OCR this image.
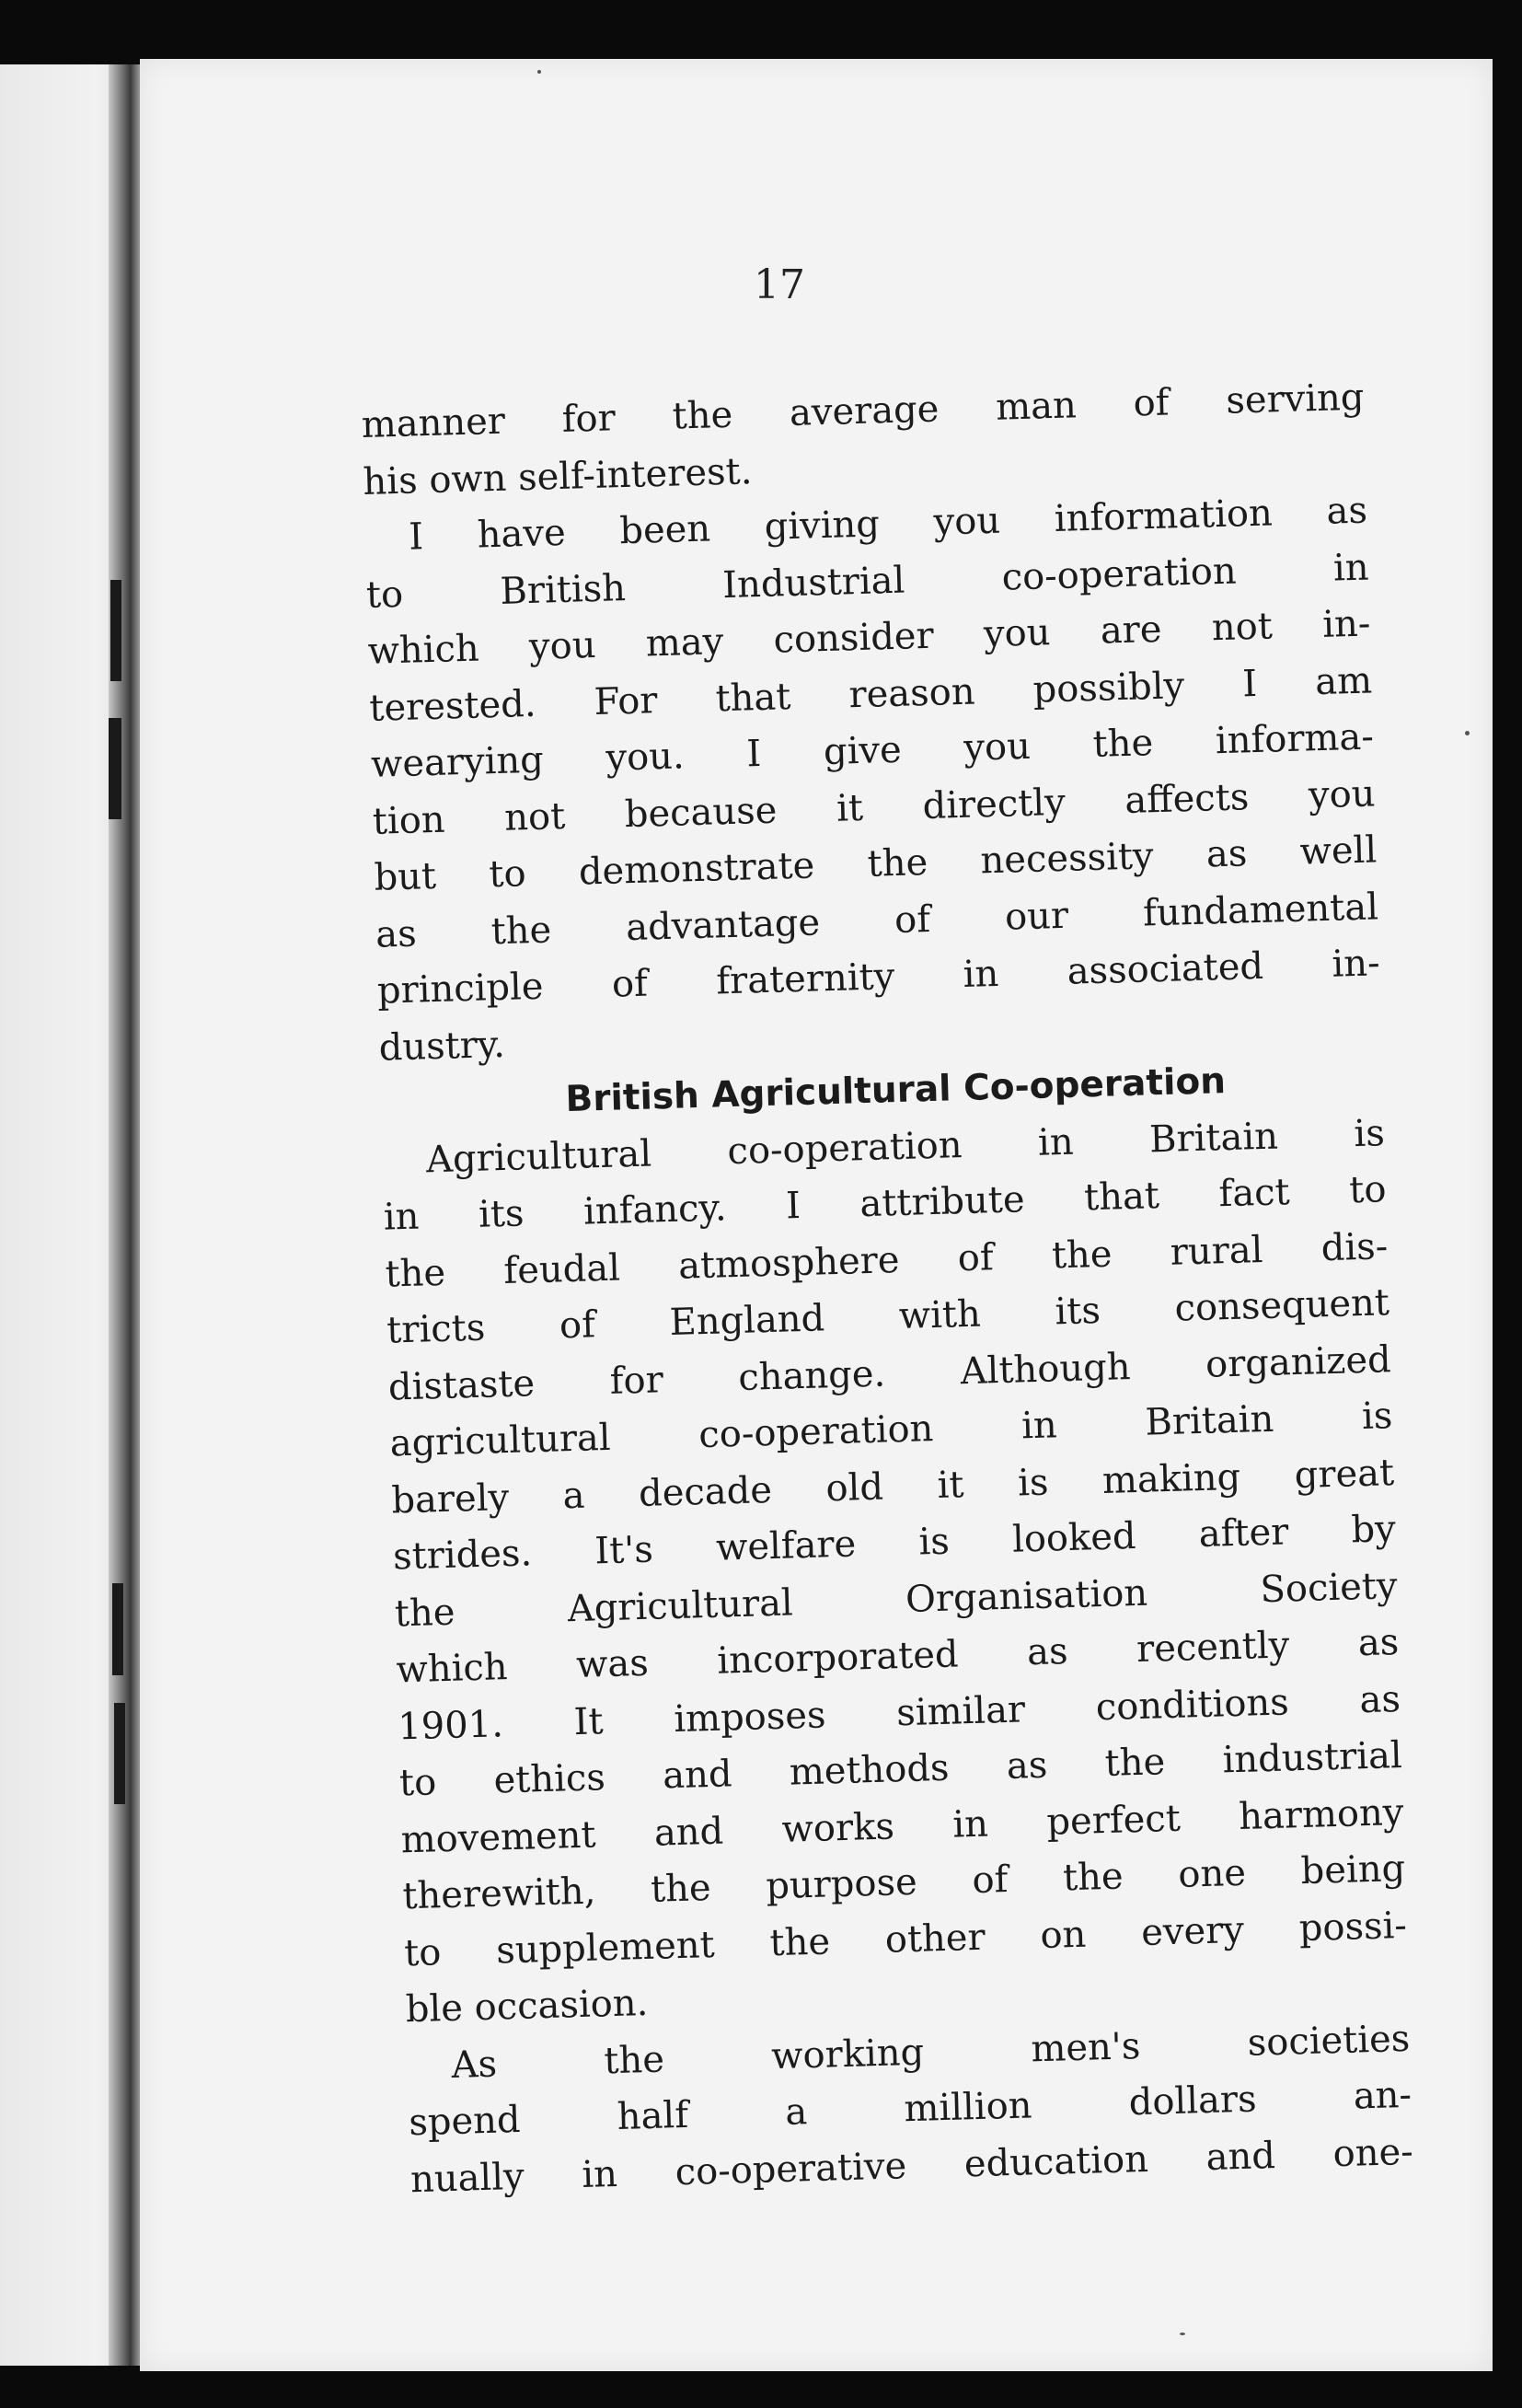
17
manner for the average man of serving
his own self-interest.
I have been giving you information as
to British Industrial co-operation in
which you may consider you are not in-
terested. For that reason possibly I am
wearying you. I give you the informa-
tion not because it directly affects you
but to demonstrate the necessity as well
as the advantage of our fundamental
principle of fraternity in associated in-
dustry.
British Agricultural Co-operation
Agricultural co-operation in Britain is
in its infancy. I attribute that fact to
the feudal atmosphere of the rural dis-
tricts of England with its consequent
distaste for change. Although organized
agricultural co-operation in Britain is
barely a decade old it is making great
strides. It's welfare is looked after by
the Agricultural Organisation Society
which was incorporated as recently as
1901. It imposes similar conditions as
to ethics and methods as the industrial
movement and works in perfect harmony
therewith, the purpose of the one being
to supplement the other on every possi-
ble occasion.
As the working men's societies
spend half a million dollars an-
nually in co-operative education and one-
